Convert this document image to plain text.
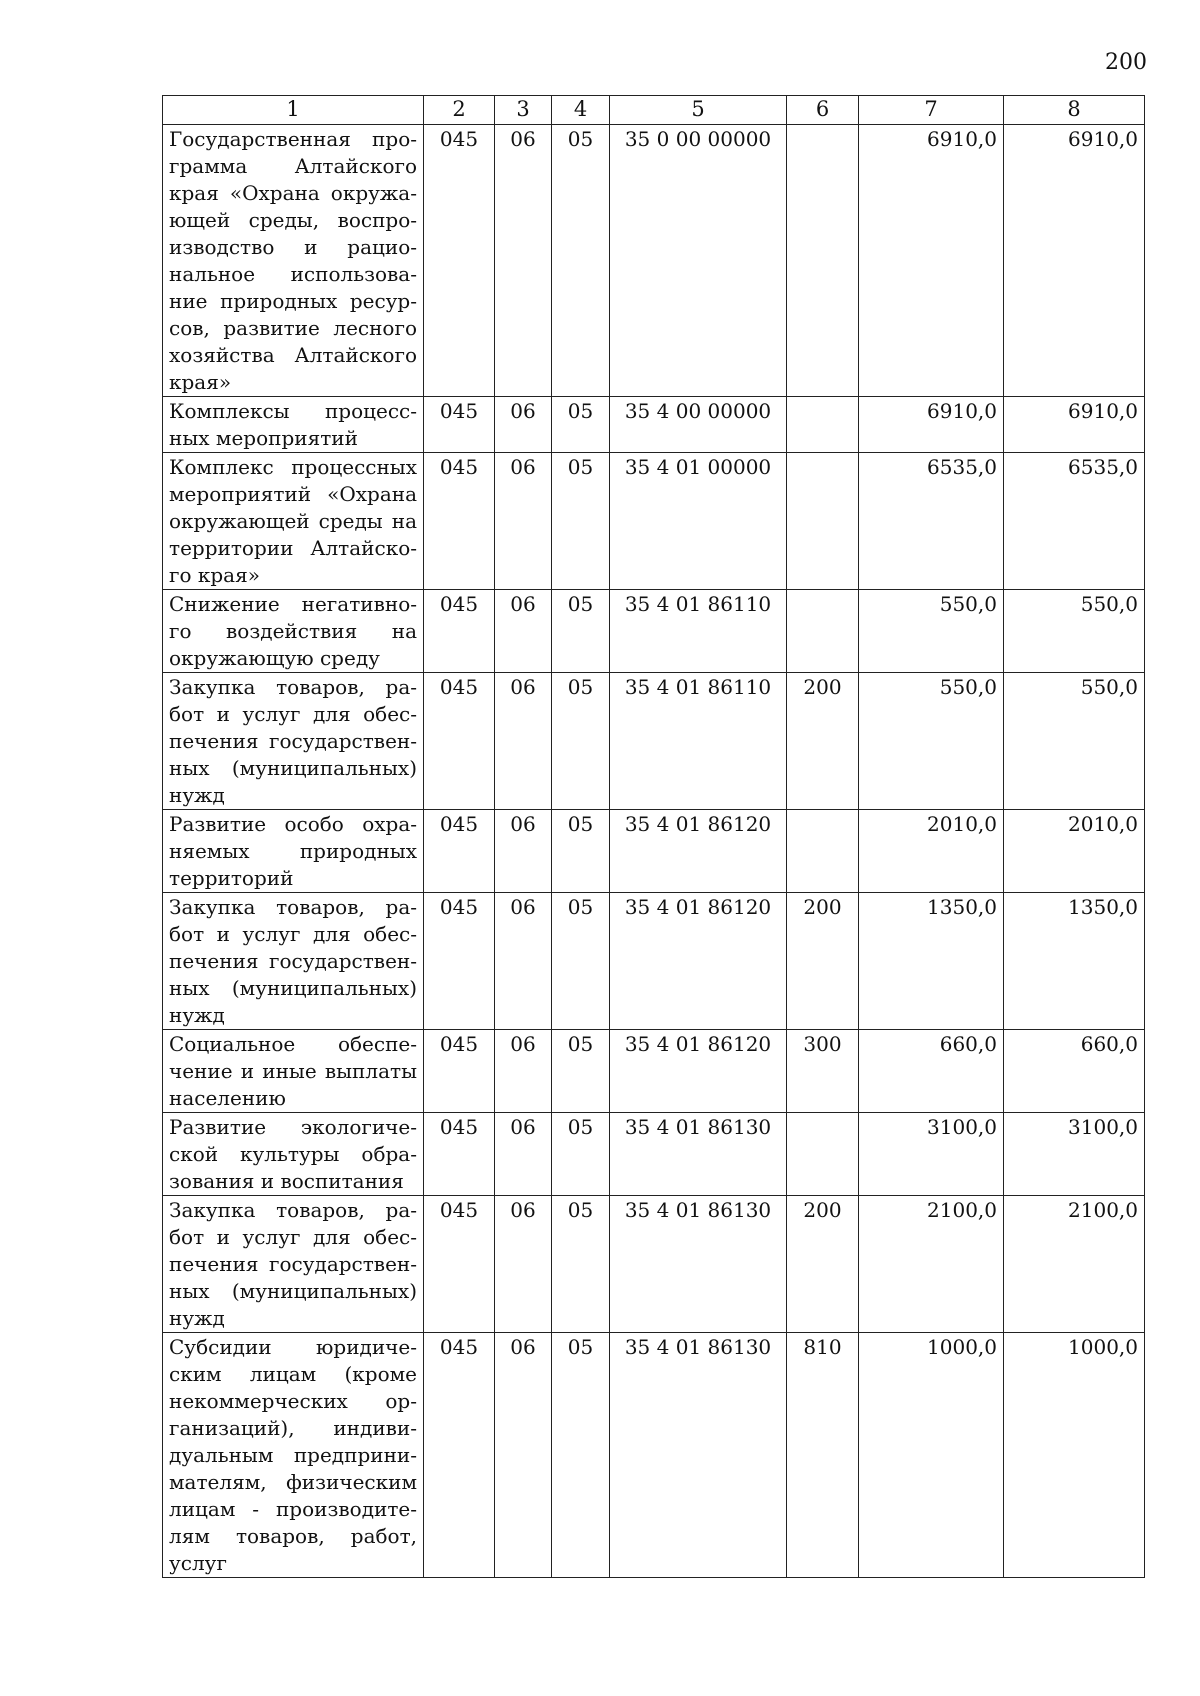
200
1	2	3	4	5	6	7	8
Государственная про-грамма Алтайского края «Охрана окружа-ющей среды, воспро-изводство и рацио-нальное использова-ние природных ресур-сов, развитие лесного хозяйства Алтайского края»	045	06	05	35 0 00 00000		6910,0	6910,0
Комплексы процесс-ных мероприятий	045	06	05	35 4 00 00000		6910,0	6910,0
Комплекс процессных мероприятий «Охрана окружающей среды на территории Алтайско-го края»	045	06	05	35 4 01 00000		6535,0	6535,0
Снижение негативно-го воздействия на окружающую среду	045	06	05	35 4 01 86110		550,0	550,0
Закупка товаров, ра-бот и услуг для обес-печения государствен-ных (муниципальных) нужд	045	06	05	35 4 01 86110	200	550,0	550,0
Развитие особо охра-няемых природных территорий	045	06	05	35 4 01 86120		2010,0	2010,0
Закупка товаров, ра-бот и услуг для обес-печения государствен-ных (муниципальных) нужд	045	06	05	35 4 01 86120	200	1350,0	1350,0
Социальное обеспе-чение и иные выплаты населению	045	06	05	35 4 01 86120	300	660,0	660,0
Развитие экологиче-ской культуры обра-зования и воспитания	045	06	05	35 4 01 86130		3100,0	3100,0
Закупка товаров, ра-бот и услуг для обес-печения государствен-ных (муниципальных) нужд	045	06	05	35 4 01 86130	200	2100,0	2100,0
Субсидии юридиче-ским лицам (кроме некоммерческих ор-ганизаций), индиви-дуальным предприни-мателям, физическим лицам - производите-лям товаров, работ, услуг	045	06	05	35 4 01 86130	810	1000,0	1000,0
